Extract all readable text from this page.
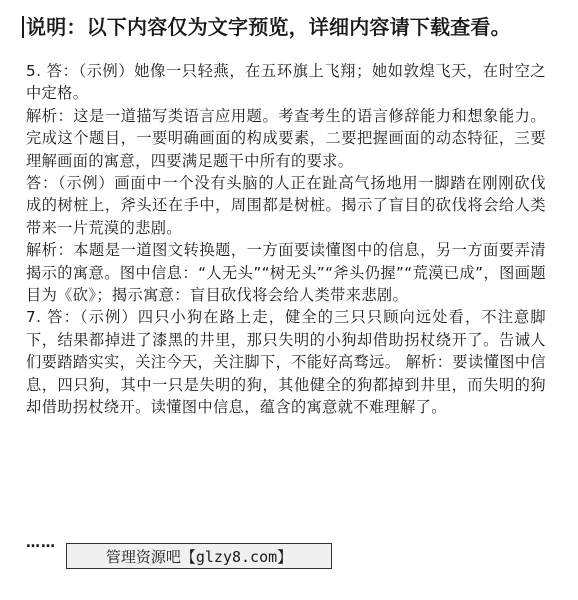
说明：以下内容仅为文字预览，详细内容请下载查看。

5. 答：（示例）她像一只轻燕，在五环旗上飞翔；她如敦煌飞天，在时空之中定格。

解析：这是一道描写类语言应用题。考查考生的语言修辞能力和想象能力。完成这个题目，一要明确画面的构成要素，二要把握画面的动态特征，三要理解画面的寓意，四要满足题干中所有的要求。

答：（示例）画面中一个没有头脑的人正在趾高气扬地用一脚踏在刚刚砍伐成的树桩上，斧头还在手中，周围都是树桩。揭示了盲目的砍伐将会给人类带来一片荒漠的悲剧。

解析：本题是一道图文转换题，一方面要读懂图中的信息，另一方面要弄清揭示的寓意。图中信息：“人无头”“树无头”“斧头仍握”“荒漠已成”，图画题目为《砍》；揭示寓意：盲目砍伐将会给人类带来悲剧。

7. 答：（示例）四只小狗在路上走，健全的三只只顾向远处看，不注意脚下，结果都掉进了漆黑的井里，那只失明的小狗却借助拐杖绕开了。告诫人们要踏踏实实，关注今天，关注脚下，不能好高骛远。 解析：要读懂图中信息，四只狗，其中一只是失明的狗，其他健全的狗都掉到井里，而失明的狗却借助拐杖绕开。读懂图中信息，蕴含的寓意就不难理解了。

……
管理资源吧【glzy8.com】
